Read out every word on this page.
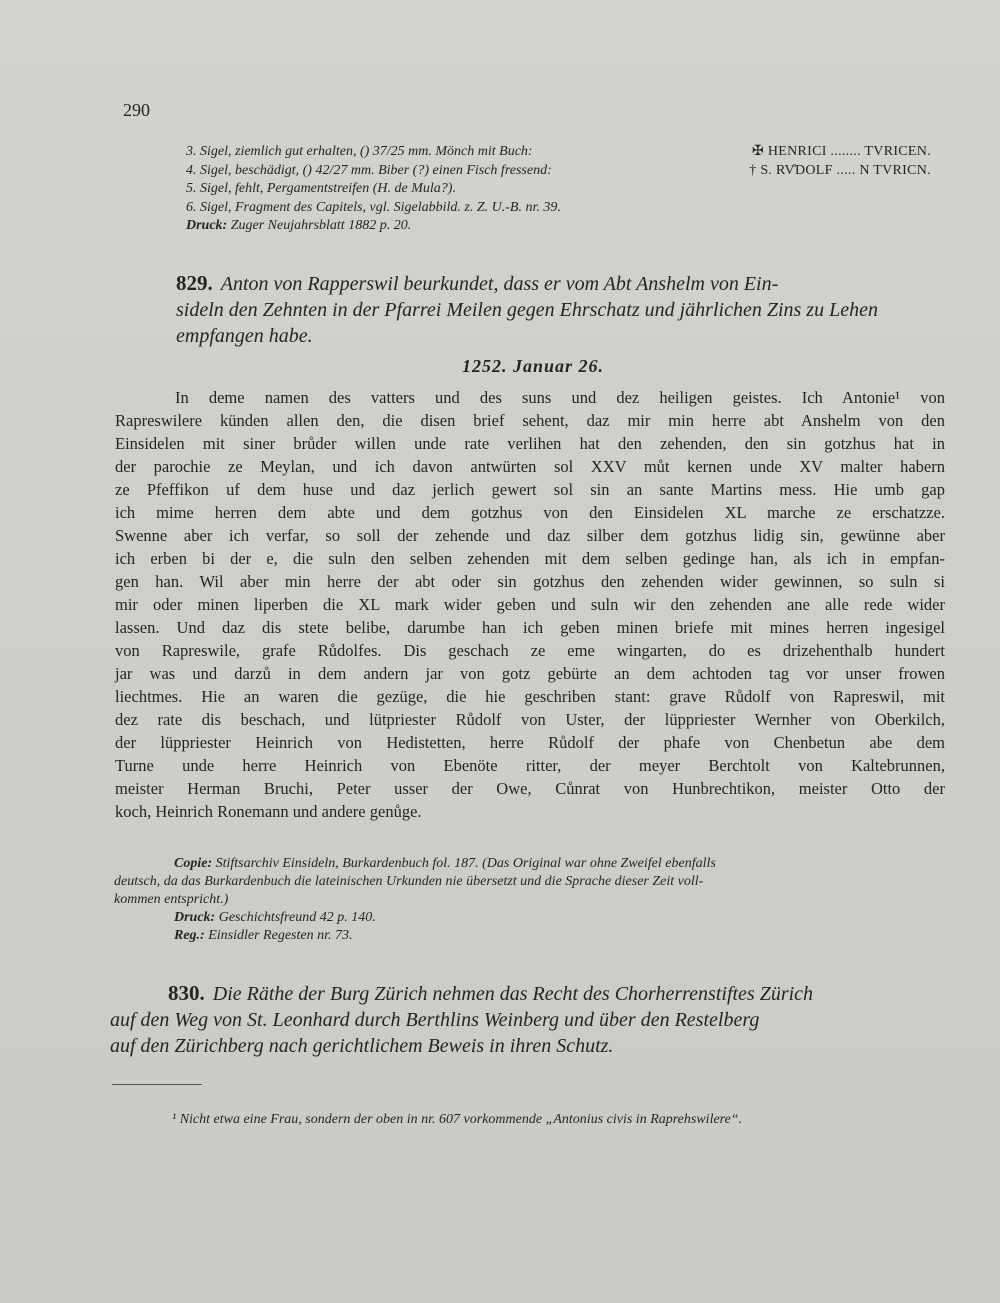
290
3. Sigel, ziemlich gut erhalten, () 37/25 mm. Mönch mit Buch:	✠ HENRICI ........ TVRICEN.
4. Sigel, beschädigt, () 42/27 mm. Biber (?) einen Fisch fressend:	† S. RV̊DOLF ..... N TVRICN.
5. Sigel, fehlt, Pergamentstreifen (H. de Mula?).
6. Sigel, Fragment des Capitels, vgl. Sigelabbild. z. Z. U.-B. nr. 39.
Druck: Zuger Neujahrsblatt 1882 p. 20.
829. Anton von Rapperswil beurkundet, dass er vom Abt Anshelm von Ein-
sideln den Zehnten in der Pfarrei Meilen gegen Ehrschatz und jährlichen Zins zu Lehen
empfangen habe.
1252. Januar 26.
In deme namen des vatters und des suns und dez heiligen geistes. Ich Antonie¹ von
Rapreswilere künden allen den, die disen brief sehent, daz mir min herre abt Anshelm von den
Einsidelen mit siner brůder willen unde rate verlihen hat den zehenden, den sin gotzhus hat in
der parochie ze Meylan, und ich davon antwürten sol XXV můt kernen unde XV malter habern
ze Pfeffikon uf dem huse und daz jerlich gewert sol sin an sante Martins mess. Hie umb gap
ich mime herren dem abte und dem gotzhus von den Einsidelen XL marche ze erschatzze.
Swenne aber ich verfar, so soll der zehende und daz silber dem gotzhus lidig sin, gewünne aber
ich erben bi der e, die suln den selben zehenden mit dem selben gedinge han, als ich in empfan-
gen han. Wil aber min herre der abt oder sin gotzhus den zehenden wider gewinnen, so suln si
mir oder minen liperben die XL mark wider geben und suln wir den zehenden ane alle rede wider
lassen. Und daz dis stete belibe, darumbe han ich geben minen briefe mit mines herren ingesigel
von Rapreswile, grafe Růdolfes. Dis geschach ze eme wingarten, do es drizehenthalb hundert
jar was und darzů in dem andern jar von gotz gebürte an dem achtoden tag vor unser frowen
liechtmes. Hie an waren die gezüge, die hie geschriben stant: grave Růdolf von Rapreswil, mit
dez rate dis beschach, und lütpriester Růdolf von Uster, der lüppriester Wernher von Oberkilch,
der lüppriester Heinrich von Hedistetten, herre Růdolf der phafe von Chenbetun abe dem
Turne unde herre Heinrich von Ebenöte ritter, der meyer Berchtolt von Kaltebrunnen,
meister Herman Bruchi, Peter usser der Owe, Cůnrat von Hunbrechtikon, meister Otto der
koch, Heinrich Ronemann und andere genůge.
Copie: Stiftsarchiv Einsideln, Burkardenbuch fol. 187. (Das Original war ohne Zweifel ebenfalls
deutsch, da das Burkardenbuch die lateinischen Urkunden nie übersetzt und die Sprache dieser Zeit voll-
kommen entspricht.)
Druck: Geschichtsfreund 42 p. 140.
Reg.: Einsidler Regesten nr. 73.
830. Die Räthe der Burg Zürich nehmen das Recht des Chorherrenstiftes Zürich
auf den Weg von St. Leonhard durch Berthlins Weinberg und über den Restelberg
auf den Zürichberg nach gerichtlichem Beweis in ihren Schutz.
¹ Nicht etwa eine Frau, sondern der oben in nr. 607 vorkommende „Antonius civis in Raprehswilere“.
